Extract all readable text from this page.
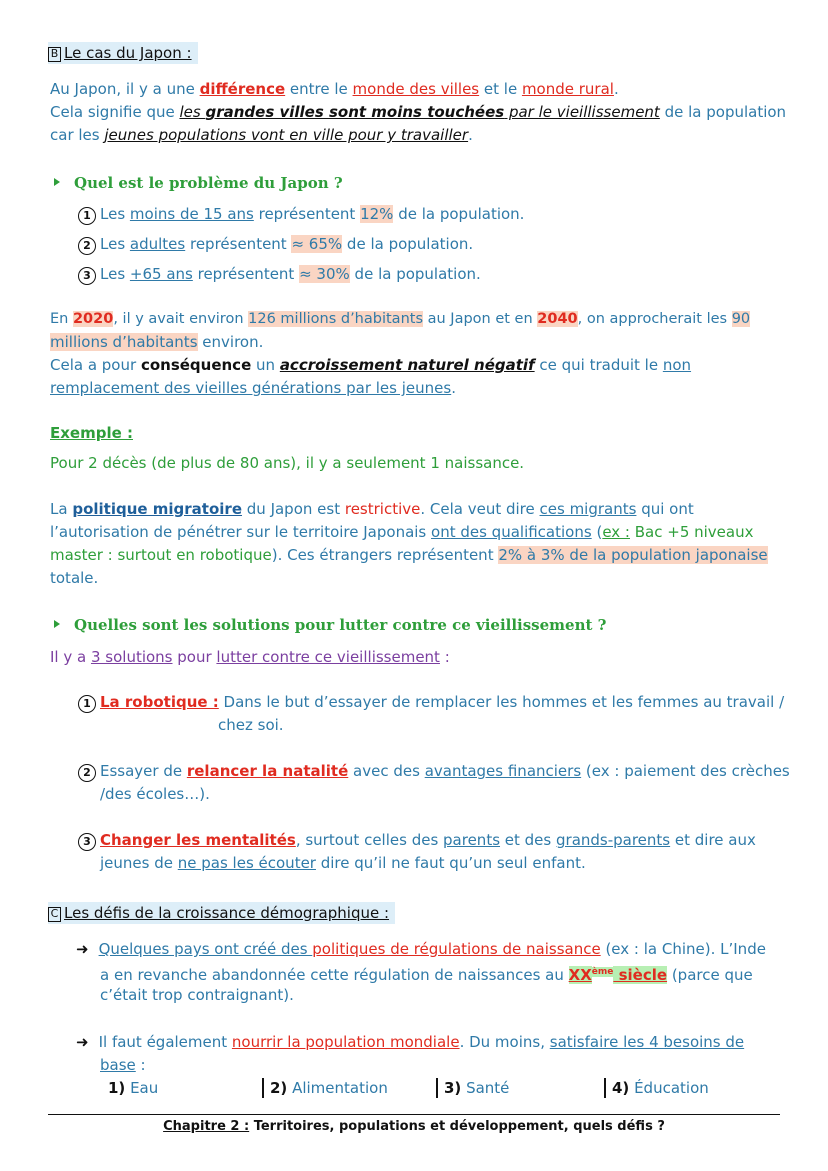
B Le cas du Japon :
Au Japon, il y a une différence entre le monde des villes et le monde rural.
Cela signifie que les grandes villes sont moins touchées par le vieillissement de la population
car les jeunes populations vont en ville pour y travailler.
Quel est le problème du Japon ?
1 Les moins de 15 ans représentent 12% de la population.
2 Les adultes représentent ≈ 65% de la population.
3 Les +65 ans représentent ≈ 30% de la population.
En 2020, il y avait environ 126 millions d’habitants au Japon et en 2040, on approcherait les 90
millions d’habitants environ.
Cela a pour conséquence un accroissement naturel négatif ce qui traduit le non
remplacement des vieilles générations par les jeunes.
Exemple :
Pour 2 décès (de plus de 80 ans), il y a seulement 1 naissance.
La politique migratoire du Japon est restrictive. Cela veut dire ces migrants qui ont
l’autorisation de pénétrer sur le territoire Japonais ont des qualifications (ex : Bac +5 niveaux
master : surtout en robotique). Ces étrangers représentent 2% à 3% de la population japonaise
totale.
Quelles sont les solutions pour lutter contre ce vieillissement ?
Il y a 3 solutions pour lutter contre ce vieillissement :
1 La robotique : Dans le but d’essayer de remplacer les hommes et les femmes au travail /
chez soi.
2 Essayer de relancer la natalité avec des avantages financiers (ex : paiement des crèches
/des écoles…).
3 Changer les mentalités, surtout celles des parents et des grands-parents et dire aux
jeunes de ne pas les écouter dire qu’il ne faut qu’un seul enfant.
C Les défis de la croissance démographique :
➜ Quelques pays ont créé des politiques de régulations de naissance (ex : la Chine). L’Inde
a en revanche abandonnée cette régulation de naissances au XXème siècle (parce que
c’était trop contraignant).
➜ Il faut également nourrir la population mondiale. Du moins, satisfaire les 4 besoins de
base :
1) Eau	2) Alimentation	3) Santé	4) Éducation
Chapitre 2 : Territoires, populations et développement, quels défis ?
